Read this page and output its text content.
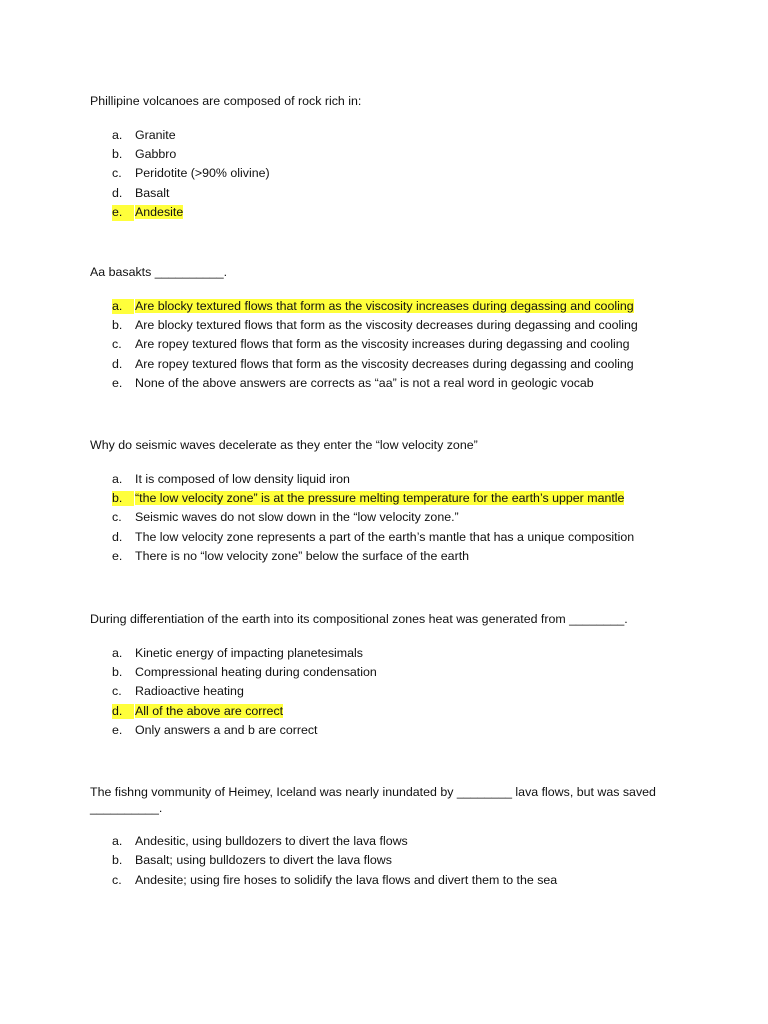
Phillipine volcanoes are composed of rock rich in:

a. Granite
b. Gabbro
c. Peridotite (>90% olivine)
d. Basalt
e.	Andesite

Aa basakts __________.

a.	Are blocky textured flows that form as the viscosity increases during degassing and cooling
b. Are blocky textured flows that form as the viscosity decreases during degassing and cooling
c. Are ropey textured flows that form as the viscosity increases during degassing and cooling
d. Are ropey textured flows that form as the viscosity decreases during degassing and cooling
e. None of the above answers are corrects as “aa” is not a real word in geologic vocab

Why do seismic waves decelerate as they enter the “low velocity zone”

a. It is composed of low density liquid iron
b.	“the low velocity zone” is at the pressure melting temperature for the earth’s upper mantle
c. Seismic waves do not slow down in the “low velocity zone.”
d. The low velocity zone represents a part of the earth’s mantle that has a unique composition
e. There is no “low velocity zone” below the surface of the earth

During differentiation of the earth into its compositional zones heat was generated from ________.

a. Kinetic energy of impacting planetesimals
b. Compressional heating during condensation
c. Radioactive heating
d.	All of the above are correct
e. Only answers a and b are correct

The fishng vommunity of Heimey, Iceland was nearly inundated by ________ lava flows, but was saved
__________.

a. Andesitic, using bulldozers to divert the lava flows
b. Basalt; using bulldozers to divert the lava flows
c. Andesite; using fire hoses to solidify the lava flows and divert them to the sea
